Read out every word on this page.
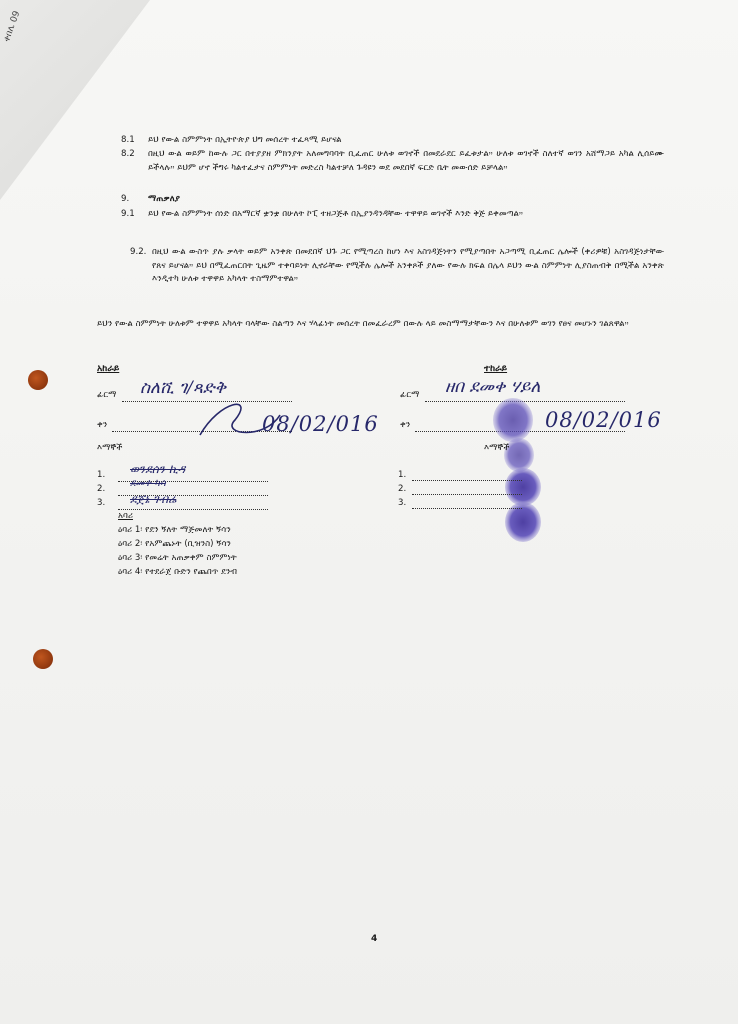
ቀበሌ 09
8.1 ይህ የውል ስምምነት በኢትዮጵያ ህግ መሰረት ተፈጻሚ ይሆናል
8.2 በዚህ ውል ወይም ከውሉ ጋር በተያያዘ ምክንያት አለመግባባት ቢፈጠር ሁለቱ ወገኖች በመደራደር ይፈቱታል። ሁለቱ ወገኖች ስለተኛ ወገን አሸማጋይ አካል ሊሰይሙ ይችላሉ። ይህም ሆኖ ችግሩ ካልተፈታና ስምምነት መድረስ ካልተቻለ ጉዳዩን ወደ መደበኛ ፍርድ ቤት መውሰድ ይቻላል።
9. ማጠቃለያ
9.1 ይህ የውል ስምምነት ሰነድ በአማርኛ ቋንቋ በሁለት ኮፒ ተዘጋጅቶ በኢያንዳንዳቸው ተዋዋይ ወገኖች እንድ ቅጅ ይቀመጣል።
9.2. በዚህ ውል ውስጥ ያሉ ቃላት ወይም አንቀጽ በመደበኛ ህጉ ጋር የሚጣረስ ከሆነ እና አስገዳጅነትን የሚያጣበት አጋጣሚ ቢፈጠር ሌሎች (ቀሪዎቹ) አስገዳጅነታቸው የጸና ይሆናል። ይህ በሚፈጠርበት ጊዜም ተቀባይነት ሊኖራቸው የሚችሉ ሌሎች አንቀጾች ያለው የውሉ ክፍል በሌላ ይህን ውል ስምምነት ሊያስጠብቅ በሚችል አንቀጽ እንዲተካ ሁለቱ ተዋዋይ አካላት ተስማምተዋል።
ይህን የውል ስምምነት ሁለቱም ተዋዋይ አካላት ባላቸው ስልጣን እና ሃላፊነት መሰረት በመፈራረም በውሉ ላይ መስማማታቸውን እና በሁለቱም ወገን የፀና መሆኑን ገልጸዋል።
አከራይ
ፊርማ ስለሺ ገ/ጻድቅ
ቀን	08/02/016
ተከራይ
ፊርማ ዘበ ደመቀ ሃይለ
ቀን	08/02/016
እማኞች
1. ወንደሰን ኪዳ
2. ደመቀ ካሳ
3. ደጀኔ ገብሬ
እማኞች
1.
2.
3.
አባሪ
ዕባሪ 1፡ የደን ኝለት ማጅመለት ኝሳን
ዕባሪ 2፡ የአምጨኑት (ቢዝንስ) ኝሳን
ዕባሪ 3፡ የመሬት አጠቃቀም ስምምነት
ዕባሪ 4፡ የተደራጀ ቡድን የጨበጥ ደንብ
4
